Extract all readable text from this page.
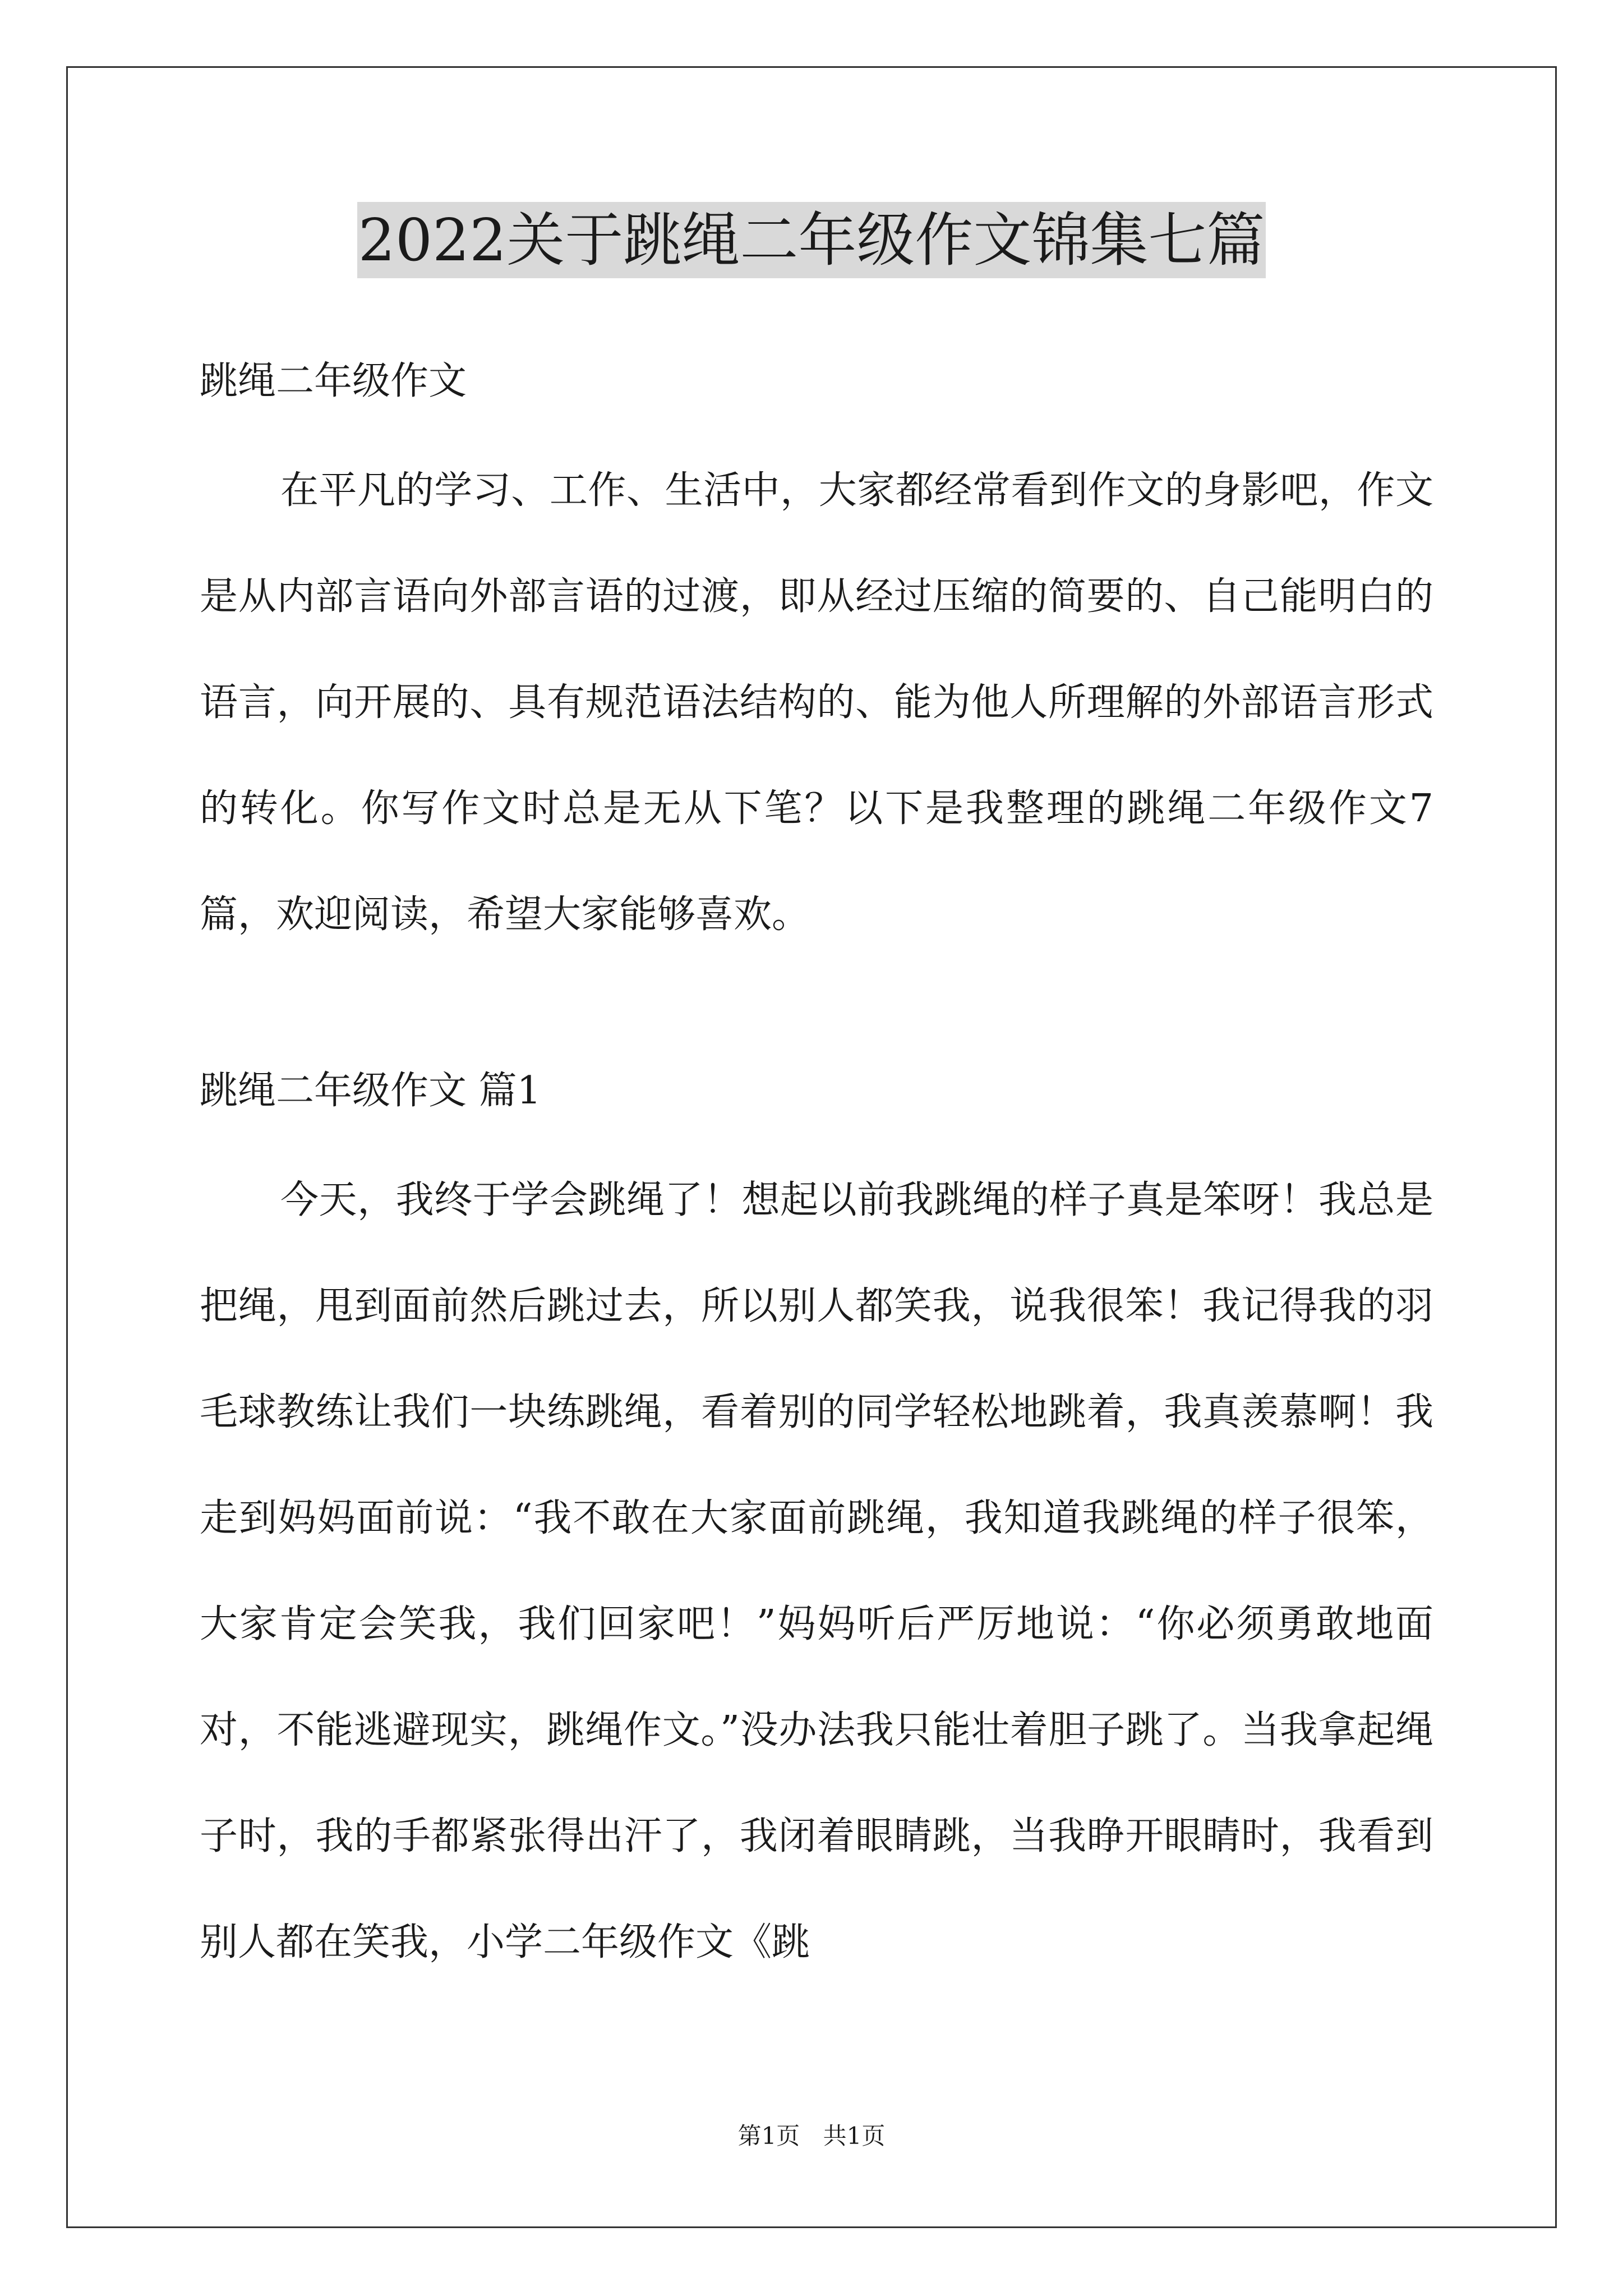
2022关于跳绳二年级作文锦集七篇
跳绳二年级作文

在平凡的学习、工作、生活中，大家都经常看到作文的身影吧，作文是从内部言语向外部言语的过渡，即从经过压缩的简要的、自己能明白的语言，向开展的、具有规范语法结构的、能为他人所理解的外部语言形式的转化。你写作文时总是无从下笔？以下是我整理的跳绳二年级作文7篇，欢迎阅读，希望大家能够喜欢。

跳绳二年级作文 篇1

今天，我终于学会跳绳了！想起以前我跳绳的样子真是笨呀！我总是把绳，甩到面前然后跳过去，所以别人都笑我，说我很笨！我记得我的羽毛球教练让我们一块练跳绳，看着别的同学轻松地跳着，我真羡慕啊！我走到妈妈面前说：“我不敢在大家面前跳绳，我知道我跳绳的样子很笨，大家肯定会笑我，我们回家吧！”妈妈听后严厉地说：“你必须勇敢地面对，不能逃避现实，跳绳作文。”没办法我只能壮着胆子跳了。当我拿起绳子时，我的手都紧张得出汗了，我闭着眼睛跳，当我睁开眼睛时，我看到别人都在笑我，小学二年级作文《跳

第1页 共1页
